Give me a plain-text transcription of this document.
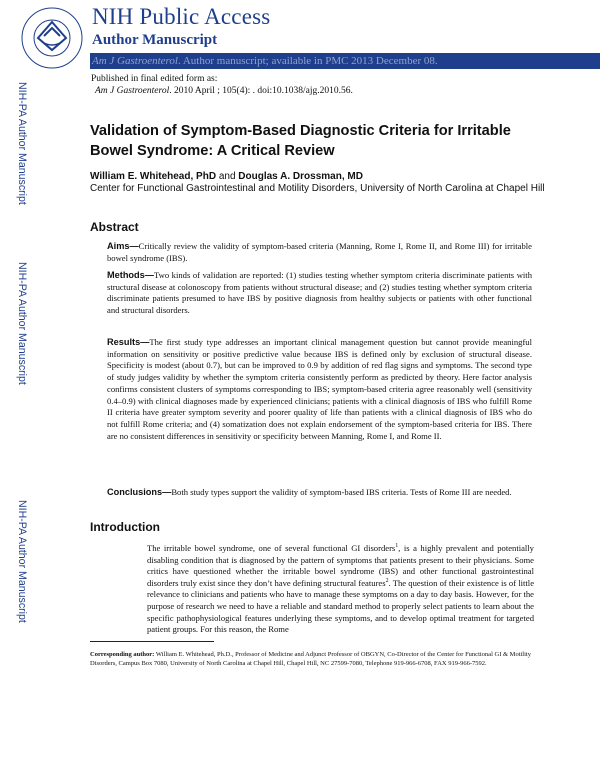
NIH Public Access
Author Manuscript
Am J Gastroenterol. Author manuscript; available in PMC 2013 December 08.
Published in final edited form as:
Am J Gastroenterol. 2010 April ; 105(4): . doi:10.1038/ajg.2010.56.
NIH-PA Author Manuscript
NIH-PA Author Manuscript
NIH-PA Author Manuscript
Validation of Symptom-Based Diagnostic Criteria for Irritable Bowel Syndrome: A Critical Review
William E. Whitehead, PhD and Douglas A. Drossman, MD
Center for Functional Gastrointestinal and Motility Disorders, University of North Carolina at Chapel Hill
Abstract
Aims—Critically review the validity of symptom-based criteria (Manning, Rome I, Rome II, and Rome III) for irritable bowel syndrome (IBS).
Methods—Two kinds of validation are reported: (1) studies testing whether symptom criteria discriminate patients with structural disease at colonoscopy from patients without structural disease; and (2) studies testing whether symptom criteria discriminate patients presumed to have IBS by positive diagnosis from healthy subjects or patients with other functional and structural disorders.
Results—The first study type addresses an important clinical management question but cannot provide meaningful information on sensitivity or positive predictive value because IBS is defined only by exclusion of structural disease. Specificity is modest (about 0.7), but can be improved to 0.9 by addition of red flag signs and symptoms. The second type of study judges validity by whether the symptom criteria consistently perform as predicted by theory. Here factor analysis confirms consistent clusters of symptoms corresponding to IBS; symptom-based criteria agree reasonably well (sensitivity 0.4–0.9) with clinical diagnoses made by experienced clinicians; patients with a clinical diagnosis of IBS who fulfill Rome II criteria have greater symptom severity and poorer quality of life than patients with a clinical diagnosis of IBS who do not fulfill Rome criteria; and (4) somatization does not explain endorsement of the symptom-based criteria for IBS. There are no consistent differences in sensitivity or specificity between Manning, Rome I, and Rome II.
Conclusions—Both study types support the validity of symptom-based IBS criteria. Tests of Rome III are needed.
Introduction
The irritable bowel syndrome, one of several functional GI disorders$^1$, is a highly prevalent and potentially disabling condition that is diagnosed by the pattern of symptoms that patients present to their physicians. Some critics have questioned whether the irritable bowel syndrome (IBS) and other functional gastrointestinal disorders truly exist since they don’t have defining structural features$^2$. The question of their existence is of little relevance to clinicians and patients who have to manage these symptoms on a day to day basis. However, for the purpose of research we need to have a reliable and standard method to properly select patients to learn about the specific pathophysiological features underlying these symptoms, and to develop optimal treatment for targeted patient groups. For this reason, the Rome
Corresponding author: William E. Whitehead, Ph.D., Professor of Medicine and Adjunct Professor of OBGYN, Co-Director of the Center for Functional GI & Motility Disorders, Campus Box 7080, University of North Carolina at Chapel Hill, Chapel Hill, NC 27599-7080, Telephone 919-966-6708, FAX 919-966-7592.
